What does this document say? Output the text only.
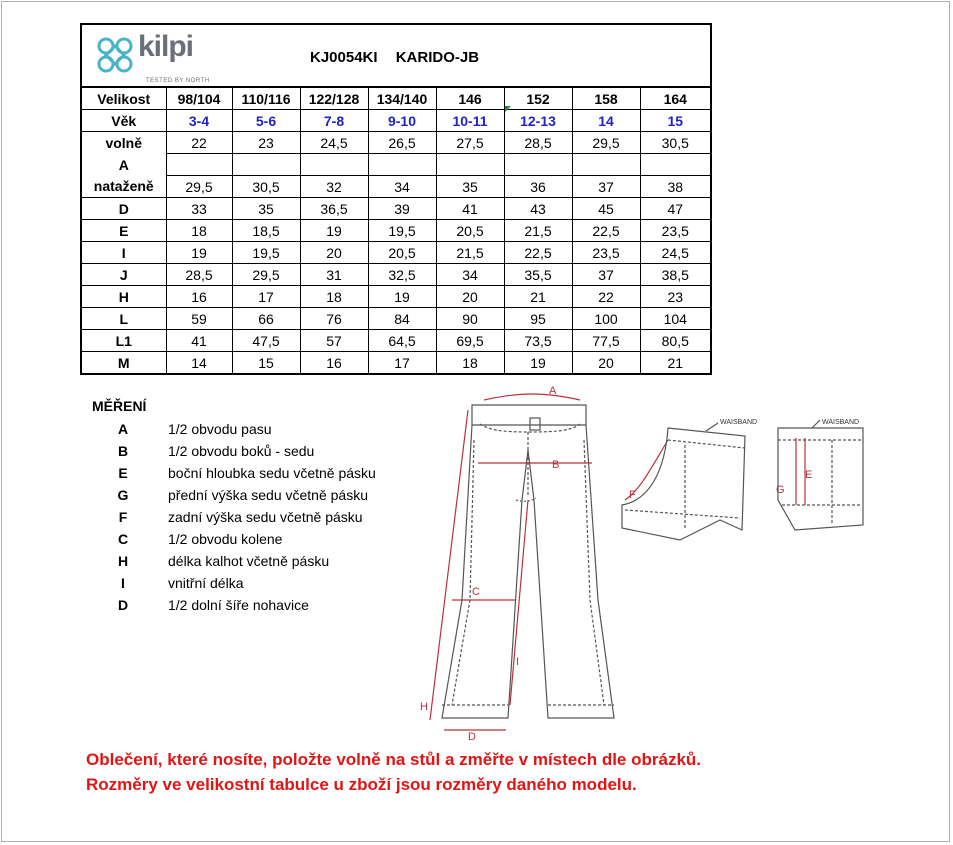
kilpi
TESTED BY NORTH
KJ0054KI KARIDO-JB								

Velikost	98/104	110/116	122/128	134/140	146	152	158	164
Věk	3-4	5-6	7-8	9-10	10-11	12-13	14	15
volně	22	23	24,5	26,5	27,5	28,5	29,5	30,5
A								
nataženě	29,5	30,5	32	34	35	36	37	38
D	33	35	36,5	39	41	43	45	47
E	18	18,5	19	19,5	20,5	21,5	22,5	23,5
I	19	19,5	20	20,5	21,5	22,5	23,5	24,5
J	28,5	29,5	31	32,5	34	35,5	37	38,5
H	16	17	18	19	20	21	22	23
L	59	66	76	84	90	95	100	104
L1	41	47,5	57	64,5	69,5	73,5	77,5	80,5
M	14	15	16	17	18	19	20	21
MĚŘENÍ
A	1/2 obvodu pasu
B	1/2 obvodu boků - sedu
E	boční hloubka sedu včetně pásku
G	přední výška sedu včetně pásku
F	zadní výška sedu včetně pásku
C	1/2 obvodu kolene
H	délka kalhot včetně pásku
I	vnitřní délka
D	1/2 dolní šíře nohavice
A
B
C
D
H
I
F	G
E
WAISBAND	WAISBAND
Oblečení, které nosíte, položte volně na stůl a změřte v místech dle obrázků.
Rozměry ve velikostní tabulce u zboží jsou rozměry daného modelu.
